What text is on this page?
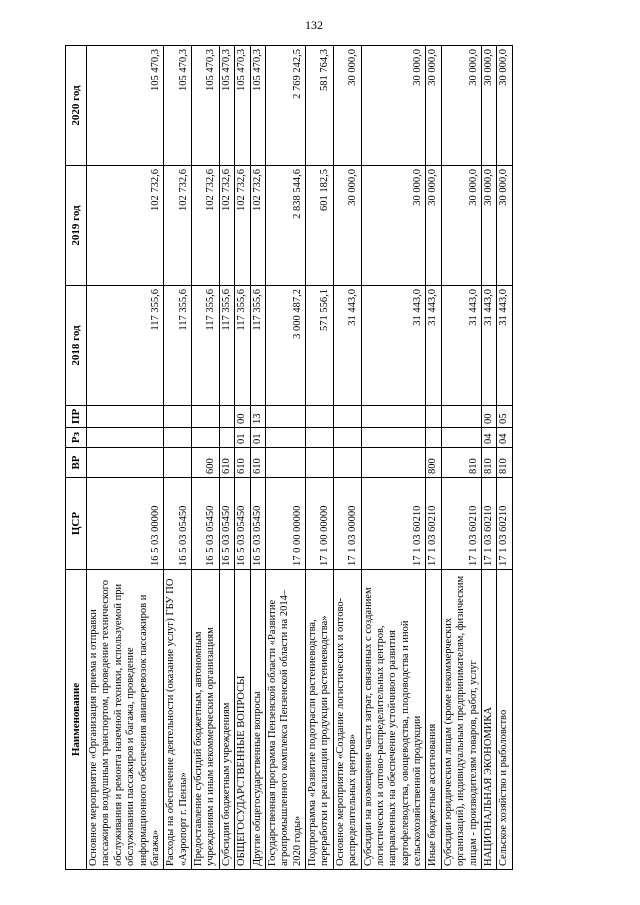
132
Наименование	ЦСР	ВР	Рз	ПР	2018 год	2019 год	2020 год
Основное мероприятие «Организация приема и отправки пассажиров воздушным транспортом, проведение технического обслуживания и ремонта наземной техники, используемой при обслуживании пассажиров и багажа, проведение информационного обеспечения авиаперевозок пассажиров и багажа»	16 5 03 00000				117 355,6	102 732,6	105 470,3
Расходы на обеспечение деятельности (оказание услуг) ГБУ ПО «Аэропорт г. Пензы»	16 5 03 05450				117 355,6	102 732,6	105 470,3
Предоставление субсидий бюджетным, автономным учреждениям и иным некоммерческим организациям	16 5 03 05450	600			117 355,6	102 732,6	105 470,3
Субсидии бюджетным учреждениям	16 5 03 05450	610			117 355,6	102 732,6	105 470,3
ОБЩЕГОСУДАРСТВЕННЫЕ ВОПРОСЫ	16 5 03 05450	610	01	00	117 355,6	102 732,6	105 470,3
Другие общегосударственные вопросы	16 5 03 05450	610	01	13	117 355,6	102 732,6	105 470,3
Государственная программа Пензенской области «Развитие агропромышленного комплекса Пензенской области на 2014–2020 годы»	17 0 00 00000				3 000 487,2	2 838 544,6	2 769 242,5
Подпрограмма «Развитие подотрасли растениеводства, переработки и реализации продукции растениеводства»	17 1 00 00000				571 556,1	601 182,5	581 764,3
Основное мероприятие «Создание логистических и оптово-распределительных центров»	17 1 03 00000				31 443,0	30 000,0	30 000,0
Субсидии на возмещение части затрат, связанных с созданием логистических и оптово-распределительных центров, направленных на обеспечение устойчивого развития картофелеводства, овощеводства, плодоводства и иной сельскохозяйственной продукции	17 1 03 60210				31 443,0	30 000,0	30 000,0
Иные бюджетные ассигнования	17 1 03 60210	800			31 443,0	30 000,0	30 000,0
Субсидии юридическим лицам (кроме некоммерческих организаций), индивидуальным предпринимателям, физическим лицам - производителям товаров, работ, услуг	17 1 03 60210	810			31 443,0	30 000,0	30 000,0
НАЦИОНАЛЬНАЯ ЭКОНОМИКА	17 1 03 60210	810	04	00	31 443,0	30 000,0	30 000,0
Сельское хозяйство и рыболовство	17 1 03 60210	810	04	05	31 443,0	30 000,0	30 000,0
